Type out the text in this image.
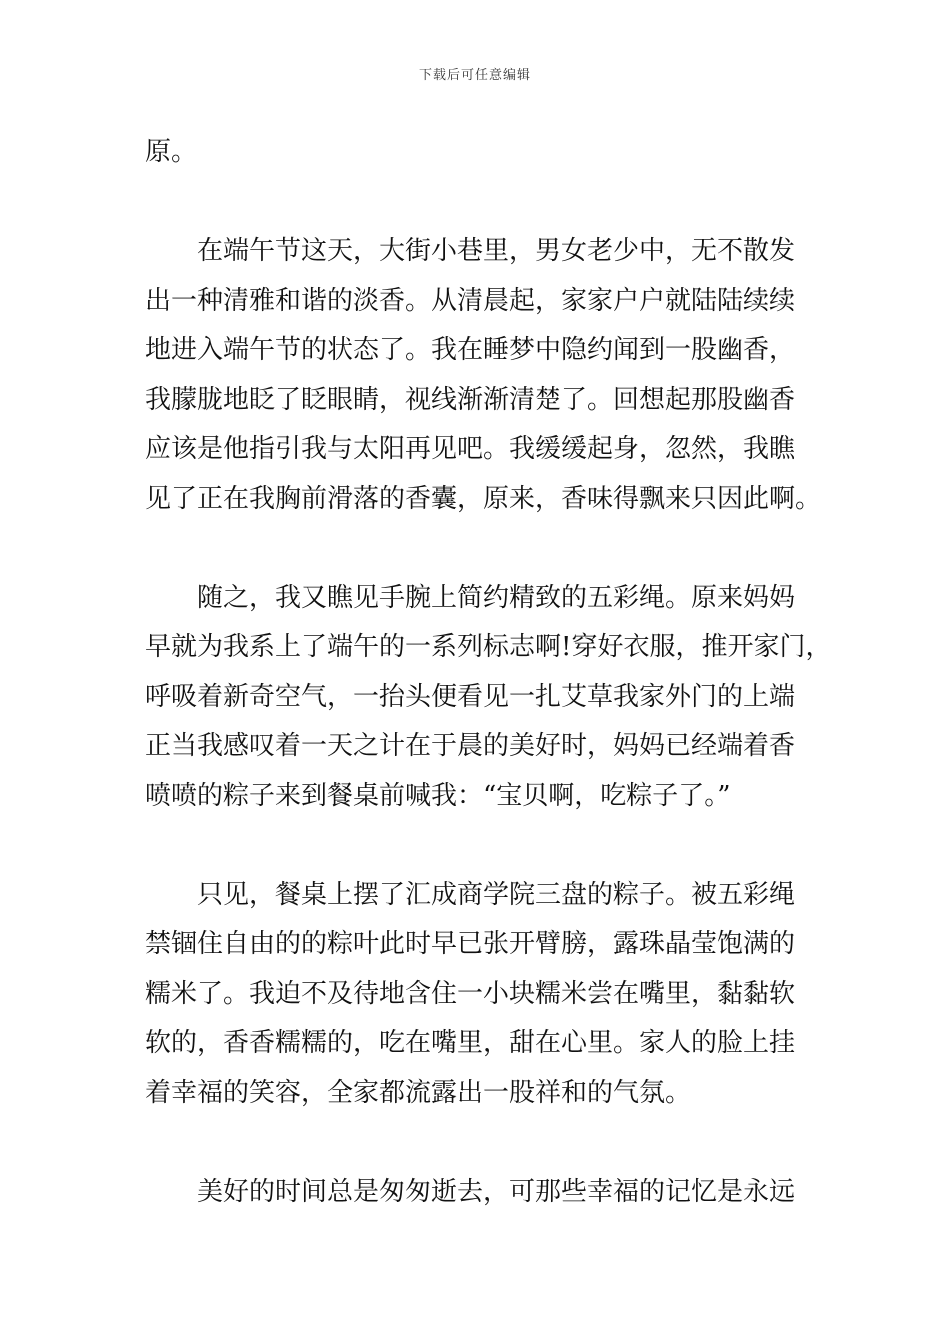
下载后可任意编辑
原。
　　在端午节这天，大街小巷里，男女老少中，无不散发
出一种清雅和谐的淡香。从清晨起，家家户户就陆陆续续
地进入端午节的状态了。我在睡梦中隐约闻到一股幽香，
我朦胧地眨了眨眼睛，视线渐渐清楚了。回想起那股幽香
应该是他指引我与太阳再见吧。我缓缓起身，忽然，我瞧
见了正在我胸前滑落的香囊，原来，香味得飘来只因此啊。
　　随之，我又瞧见手腕上简约精致的五彩绳。原来妈妈
早就为我系上了端午的一系列标志啊!穿好衣服，推开家门，
呼吸着新奇空气，一抬头便看见一扎艾草我家外门的上端
正当我感叹着一天之计在于晨的美好时，妈妈已经端着香
喷喷的粽子来到餐桌前喊我：“宝贝啊，吃粽子了。”
　　只见，餐桌上摆了汇成商学院三盘的粽子。被五彩绳
禁锢住自由的的粽叶此时早已张开臂膀，露珠晶莹饱满的
糯米了。我迫不及待地含住一小块糯米尝在嘴里，黏黏软
软的，香香糯糯的，吃在嘴里，甜在心里。家人的脸上挂
着幸福的笑容，全家都流露出一股祥和的气氛。
　　美好的时间总是匆匆逝去，可那些幸福的记忆是永远
